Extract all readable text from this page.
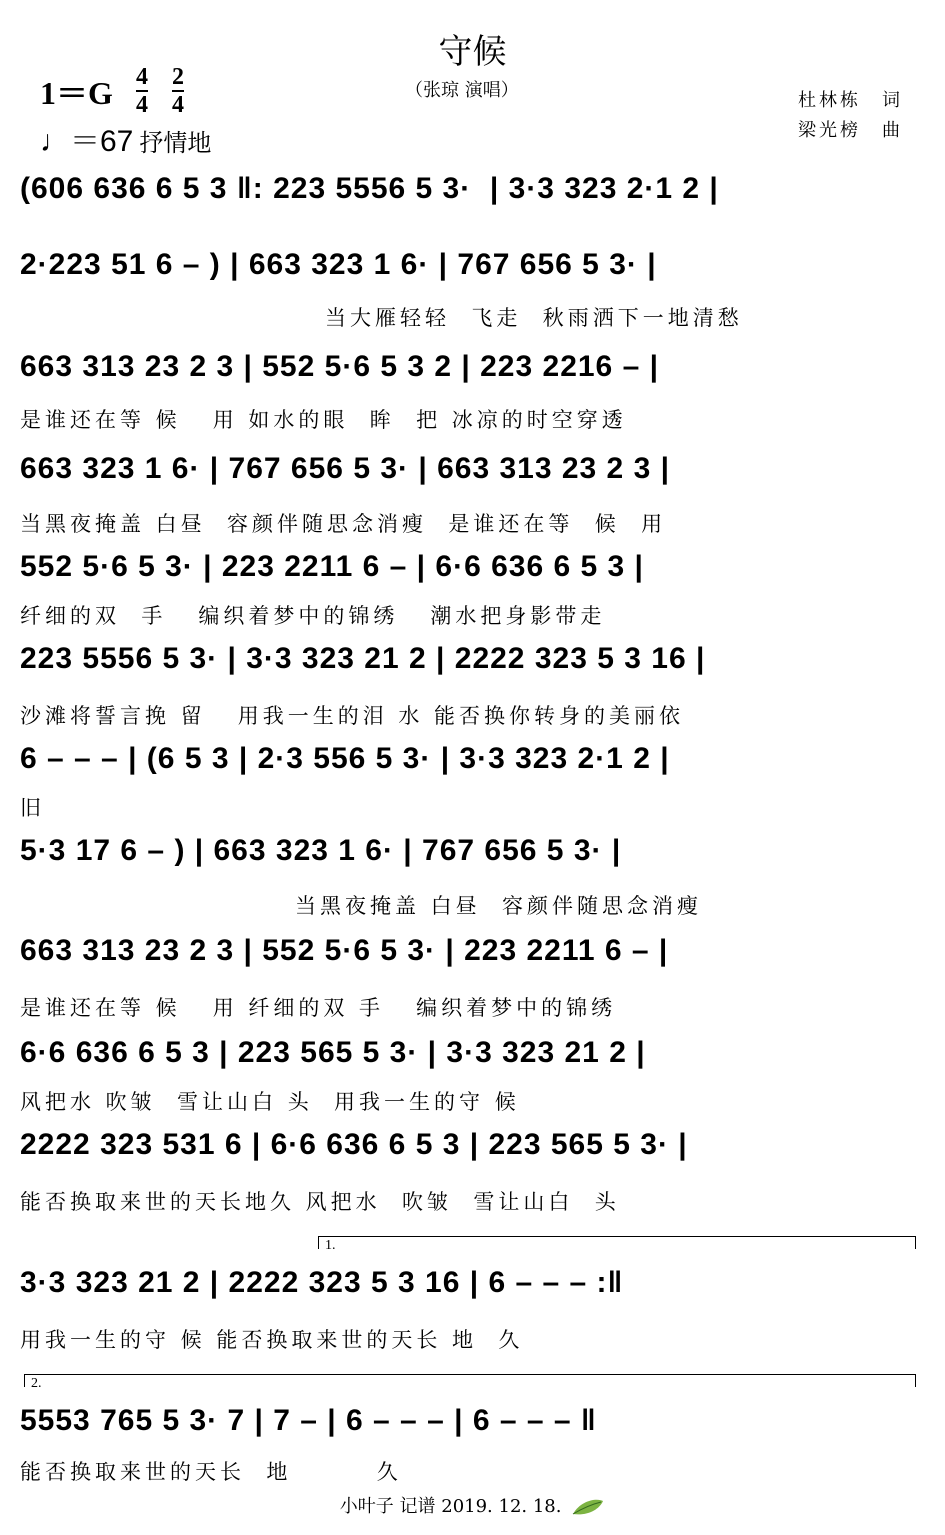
守候
（张琼 演唱）
1＝G 4
4
2
4
♩＝67 抒情地
杜林栋　词
梁光榜　曲
(606 636 6 5 3 ‖: 223 5556 5 3·  | 3·3 323 2·1 2 |
2·223 51 6 – ) | 663 323 1 6· | 767 656 5 3· |
当大雁轻轻  飞走  秋雨洒下一地清愁
663 313 23 2 3 | 552 5·6 5 3 2 | 223 2216 – |
是谁还在等 候   用 如水的眼  眸  把 冰凉的时空穿透
663 323 1 6· | 767 656 5 3· | 663 313 23 2 3 |
当黑夜掩盖 白昼  容颜伴随思念消瘦  是谁还在等  候  用
552 5·6 5 3· | 223 2211 6 – | 6·6 636 6 5 3 |
纤细的双  手   编织着梦中的锦绣   潮水把身影带走
223 5556 5 3· | 3·3 323 21 2 | 2222 323 5 3 16 |
沙滩将誓言挽 留   用我一生的泪 水 能否换你转身的美丽依
6 – – – | (6 5 3 | 2·3 556 5 3· | 3·3 323 2·1 2 |
旧
5·3 17 6 – ) | 663 323 1 6· | 767 656 5 3· |
当黑夜掩盖 白昼  容颜伴随思念消瘦
663 313 23 2 3 | 552 5·6 5 3· | 223 2211 6 – |
是谁还在等 候   用 纤细的双 手   编织着梦中的锦绣
6·6 636 6 5 3 | 223 565 5 3· | 3·3 323 21 2 |
风把水 吹皱  雪让山白 头  用我一生的守 候
2222 323 531 6 | 6·6 636 6 5 3 | 223 565 5 3· |
能否换取来世的天长地久 风把水  吹皱  雪让山白  头
1.
3·3 323 21 2 | 2222 323 5 3 16 | 6 – – – :‖
用我一生的守 候 能否换取来世的天长 地  久
2.
5553 765 5 3· 7 | 7 – | 6 – – – | 6 – – – ‖
能否换取来世的天长  地        久
小叶子 记谱 2019. 12. 18.
